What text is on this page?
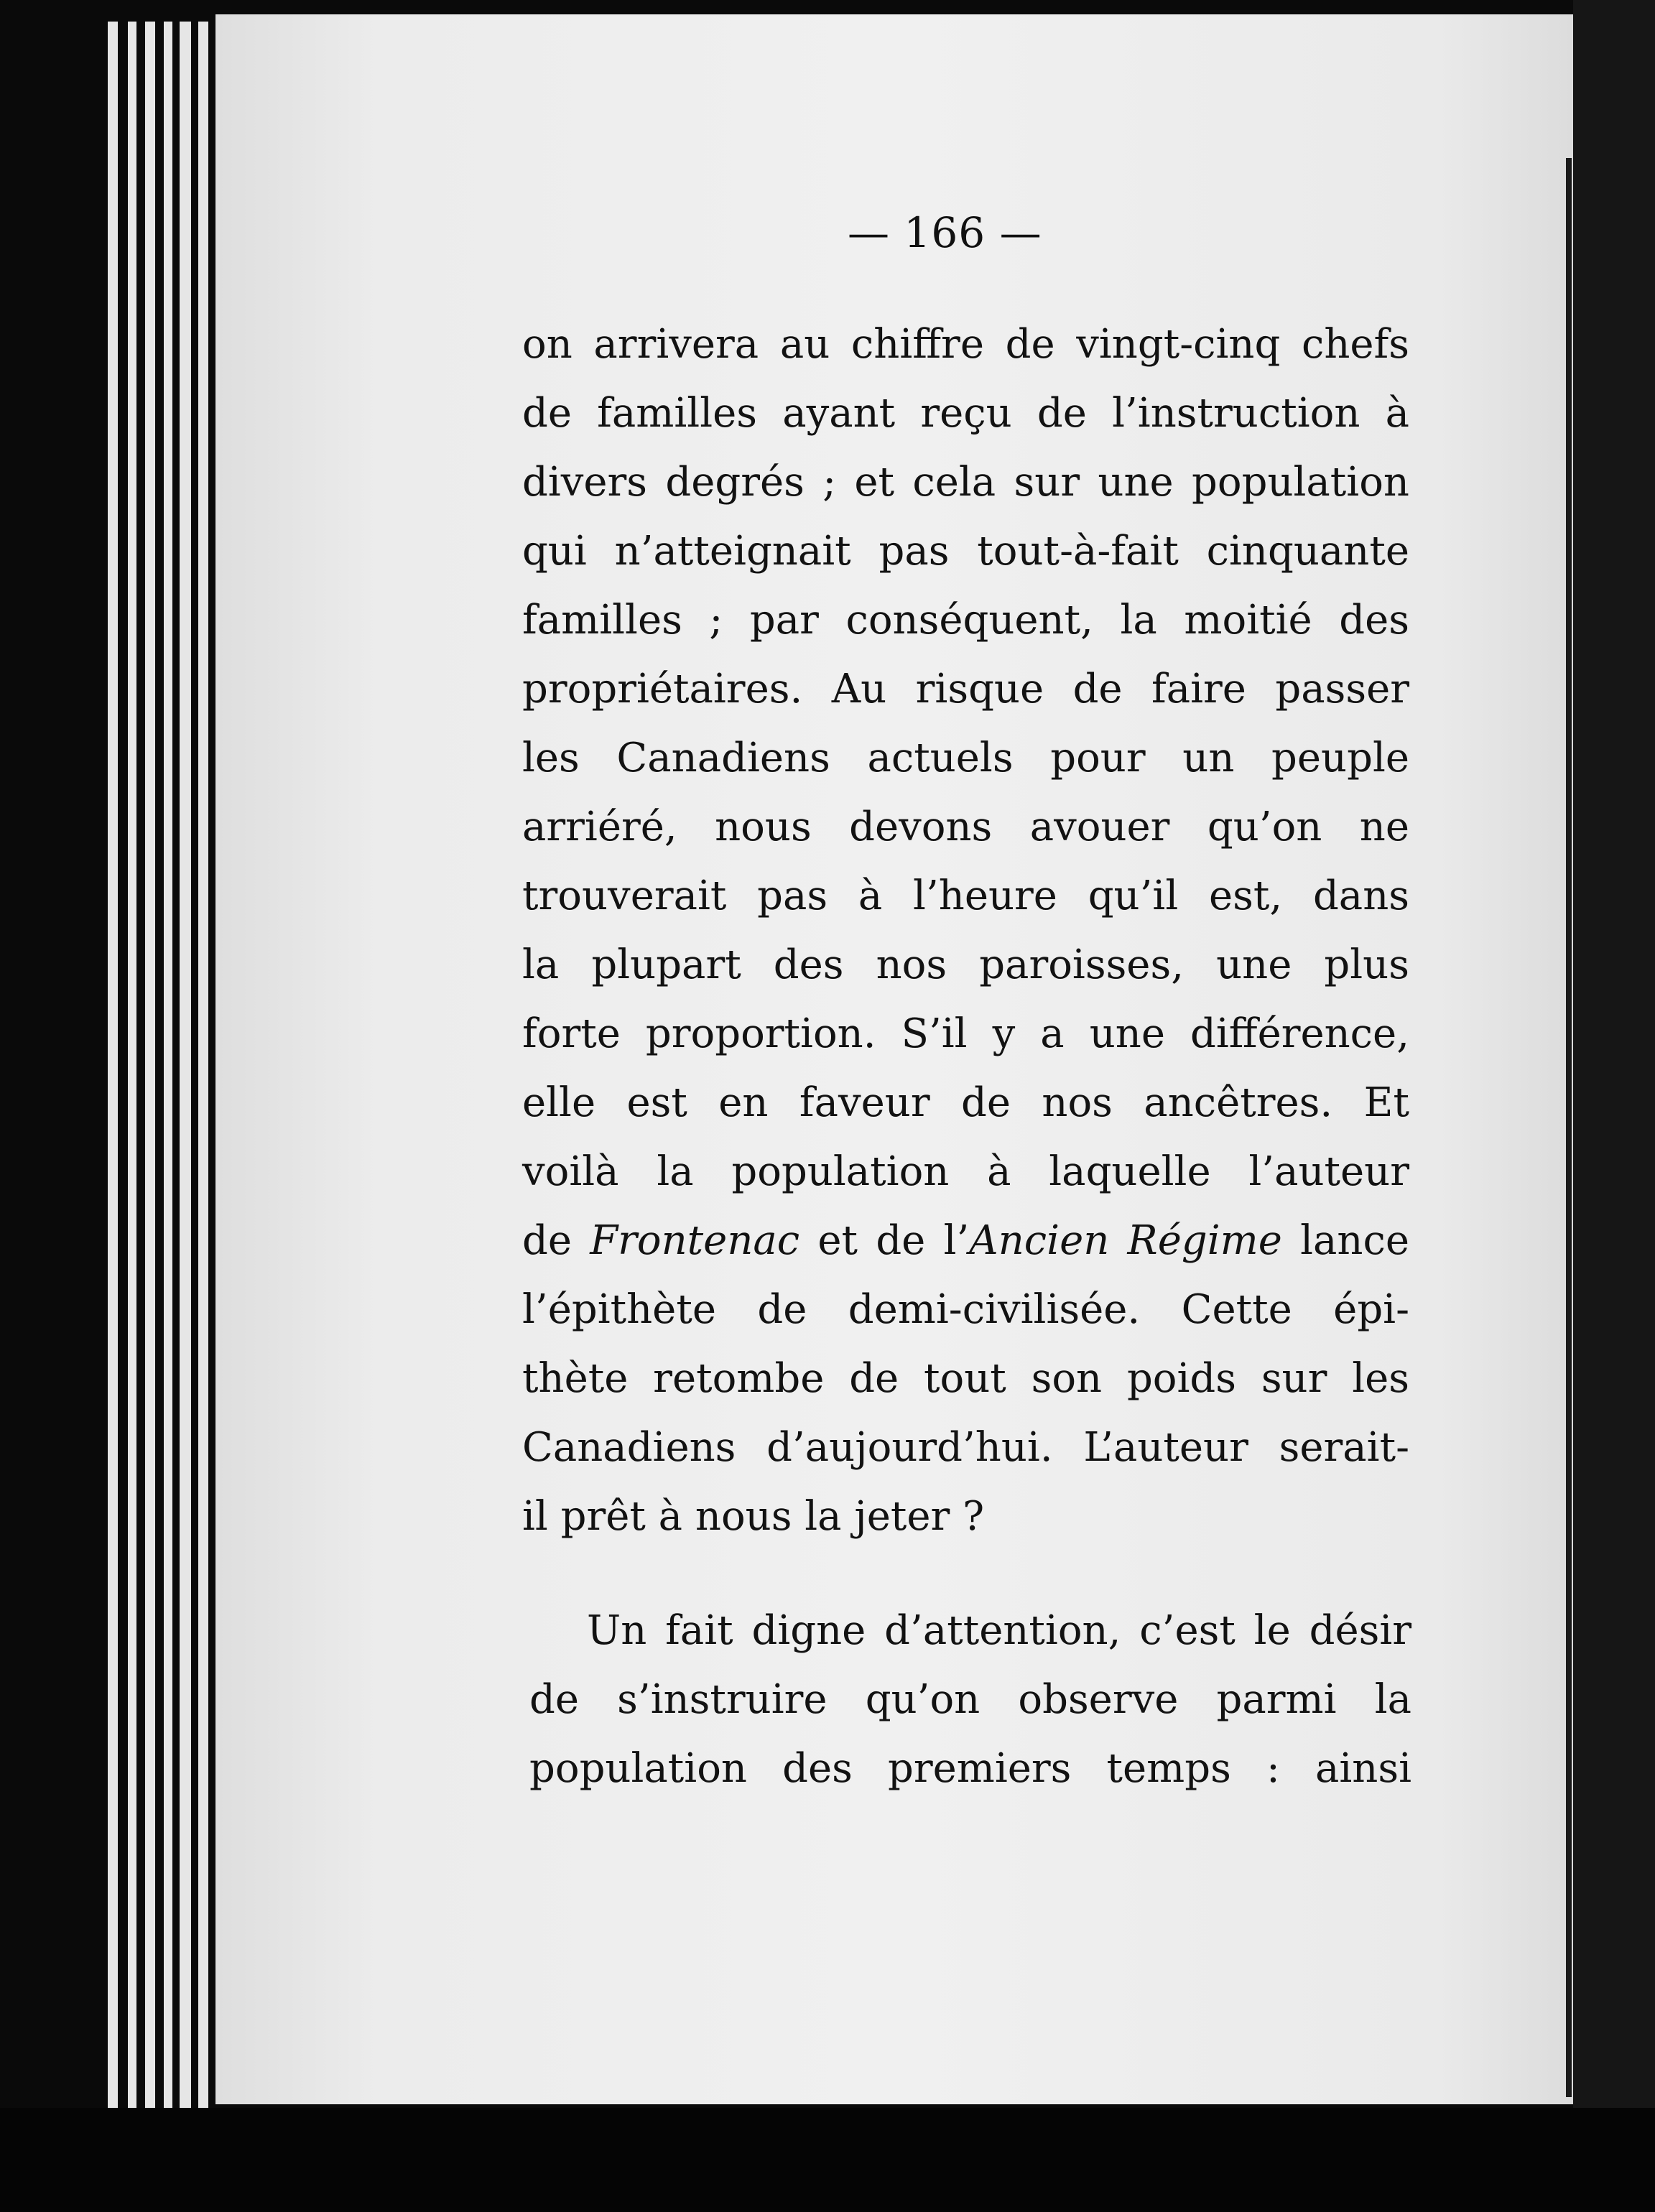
— 166 —
on arrivera au chiffre de vingt-cinq chefs
de familles ayant reçu de l’instruction à
divers degrés ; et cela sur une population
qui n’atteignait pas tout-à-fait cinquante
familles ; par conséquent, la moitié des
propriétaires. Au risque de faire passer
les Canadiens actuels pour un peuple
arriéré, nous devons avouer qu’on ne
trouverait pas à l’heure qu’il est, dans
la plupart des nos paroisses, une plus
forte proportion. S’il y a une différence,
elle est en faveur de nos ancêtres. Et
voilà la population à laquelle l’auteur
de Frontenac et de l’Ancien Régime lance
l’épithète de demi-civilisée. Cette épi-
thète retombe de tout son poids sur les
Canadiens d’aujourd’hui. L’auteur serait-
il prêt à nous la jeter ?
Un fait digne d’attention, c’est le désir
de s’instruire qu’on observe parmi la
population des premiers temps : ainsi
